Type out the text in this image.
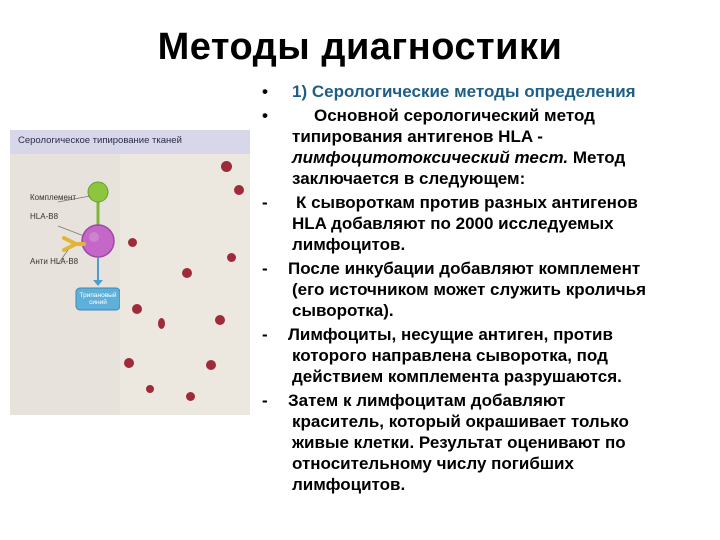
Методы диагностики
Серологическое типирование тканей
Комплемент
HLA-B8
Анти HLA-B8
Трипановый синий
•	1) Серологические методы определения
•	Основной серологический метод
типирования антигенов HLA -
лимфоцитотоксический тест. Метод
заключается в следующем:
-	К сывороткам против разных антигенов
HLA добавляют по 2000 исследуемых
лимфоцитов.
-	После инкубации добавляют комплемент
(его источником может служить кроличья
сыворотка).
-	Лимфоциты, несущие антиген, против
которого направлена сыворотка, под
действием комплемента разрушаются.
-	Затем к лимфоцитам добавляют
краситель, который окрашивает только
живые клетки. Результат оценивают по
относительному числу погибших
лимфоцитов.
